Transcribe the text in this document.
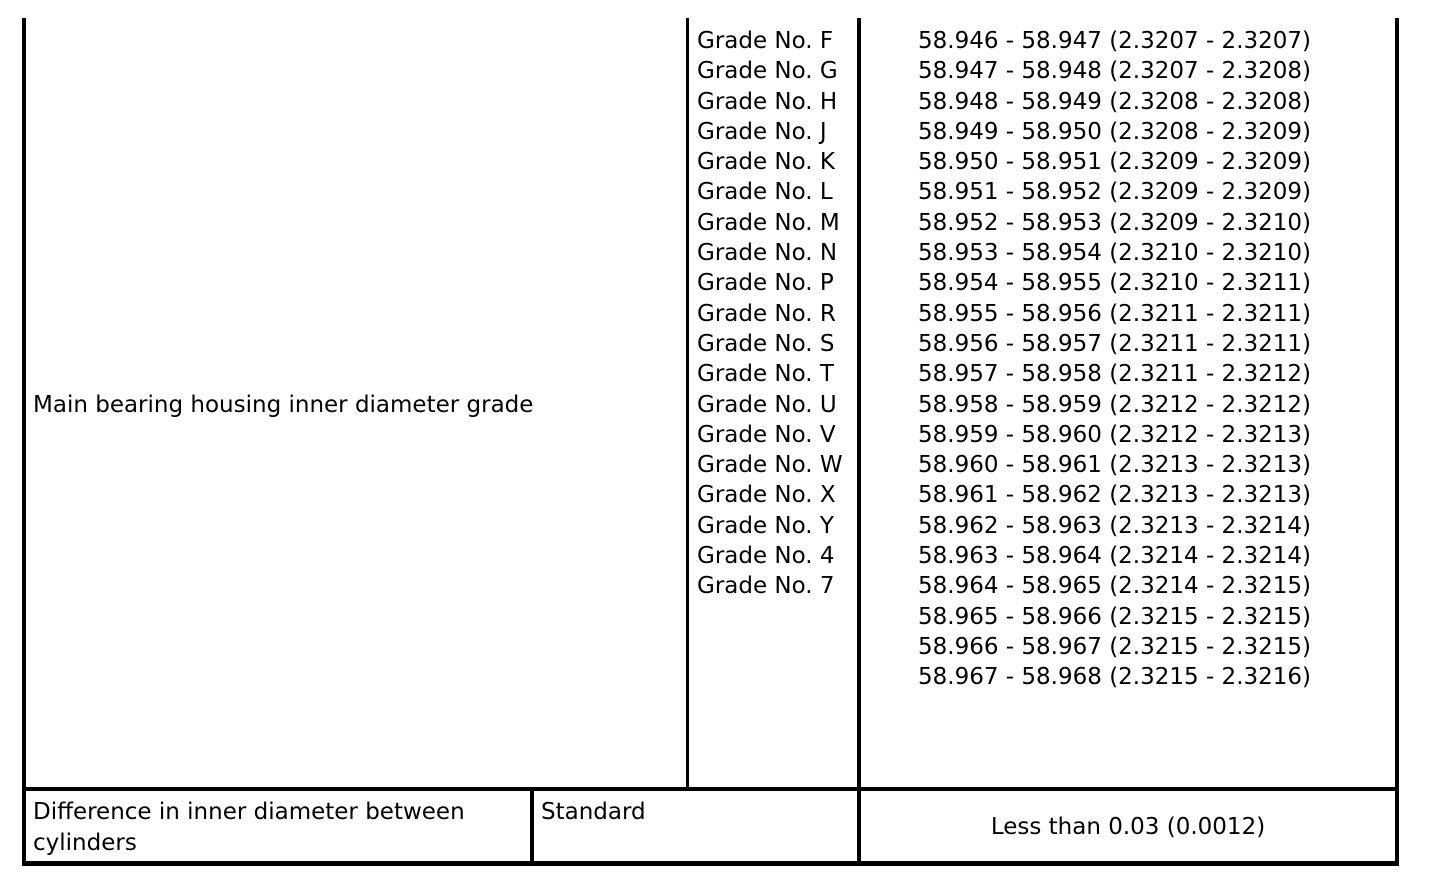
Main bearing housing inner diameter grade
Grade No. F
Grade No. G
Grade No. H
Grade No. J
Grade No. K
Grade No. L
Grade No. M
Grade No. N
Grade No. P
Grade No. R
Grade No. S
Grade No. T
Grade No. U
Grade No. V
Grade No. W
Grade No. X
Grade No. Y
Grade No. 4
Grade No. 7
58.946 - 58.947 (2.3207 - 2.3207)
58.947 - 58.948 (2.3207 - 2.3208)
58.948 - 58.949 (2.3208 - 2.3208)
58.949 - 58.950 (2.3208 - 2.3209)
58.950 - 58.951 (2.3209 - 2.3209)
58.951 - 58.952 (2.3209 - 2.3209)
58.952 - 58.953 (2.3209 - 2.3210)
58.953 - 58.954 (2.3210 - 2.3210)
58.954 - 58.955 (2.3210 - 2.3211)
58.955 - 58.956 (2.3211 - 2.3211)
58.956 - 58.957 (2.3211 - 2.3211)
58.957 - 58.958 (2.3211 - 2.3212)
58.958 - 58.959 (2.3212 - 2.3212)
58.959 - 58.960 (2.3212 - 2.3213)
58.960 - 58.961 (2.3213 - 2.3213)
58.961 - 58.962 (2.3213 - 2.3213)
58.962 - 58.963 (2.3213 - 2.3214)
58.963 - 58.964 (2.3214 - 2.3214)
58.964 - 58.965 (2.3214 - 2.3215)
58.965 - 58.966 (2.3215 - 2.3215)
58.966 - 58.967 (2.3215 - 2.3215)
58.967 - 58.968 (2.3215 - 2.3216)
Difference in inner diameter between cylinders
Standard
Less than 0.03 (0.0012)
